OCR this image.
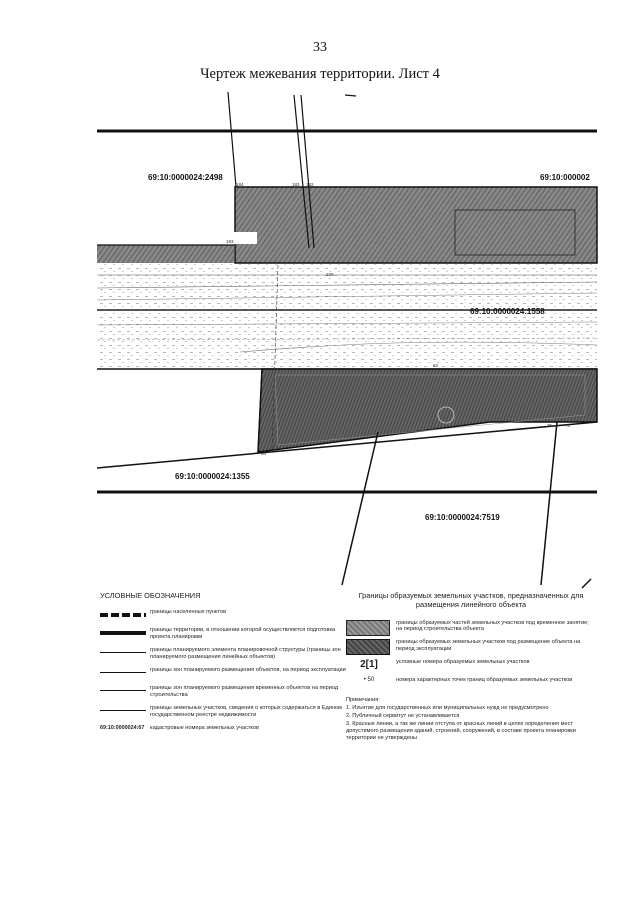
33
Чертеж межевания территории. Лист 4
69:10:0000024:2498	69:10:000002
69:10:0000024:1558
69:10:0000024:1355
69:10:0000024:7519
184	183 182
193
220
93
94
75	76
УСЛОВНЫЕ ОБОЗНАЧЕНИЯ
границы населенных пунктов
границы территории, в отношении которой осуществляется подготовка проекта планировки
границы планируемого элемента планировочной структуры (границы зон планируемого размещения линейных объектов)
границы зон планируемого размещения объектов, на период эксплуатации
границы зон планируемого размещения временных объектов на период строительства
границы земельных участков, сведения о которых содержаться в Едином государственном реестре недвижимости
69:10:0000024:67 кадастровые номера земельных участков
Границы образуемых земельных участков, предназначенных для размещения линейного объекта
границы образуемых частей земельных участков под временное занятие; на период строительства объекта
границы образуемых земельных участков под размещение объекта на период эксплуатации
2[1]	условные номера образуемых земельных участков
• 50	номера характерных точек границ образуемых земельных участков
Примечания:
1. Изъятие для государственных или муниципальных нужд не предусмотрено
2. Публичный сервитут не устанавливается
3. Красные линии, а так же линии отступа от красных линий в целях определения мест допустимого размещения зданий, строений, сооружений, в составе проекта планировки территории не утверждены
